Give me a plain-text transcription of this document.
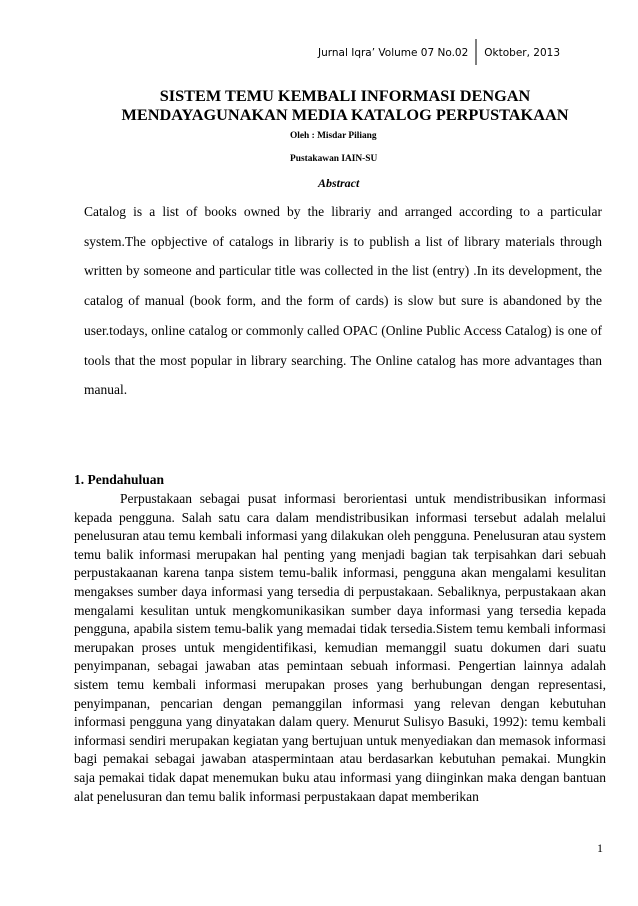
Jurnal Iqra’ Volume 07 No.02	Oktober, 2013
SISTEM TEMU KEMBALI INFORMASI DENGAN
MENDAYAGUNAKAN MEDIA KATALOG PERPUSTAKAAN
Oleh : Misdar Piliang
Pustakawan IAIN-SU
Abstract
Catalog is a list of books owned by the librariy and arranged according to a particular system.The opbjective of catalogs in librariy is to publish a list of library materials through written by someone and particular title was collected in the list (entry) .In its development, the catalog of manual (book form, and the form of cards) is slow but sure is abandoned by the user.todays, online catalog or commonly called OPAC (Online Public Access Catalog) is one of tools that the most popular in library searching. The Online catalog has more advantages than manual.
1. Pendahuluan
Perpustakaan sebagai pusat informasi berorientasi untuk mendistribusikan informasi kepada pengguna. Salah satu cara dalam mendistribusikan informasi tersebut adalah melalui penelusuran atau temu kembali informasi yang dilakukan oleh pengguna. Penelusuran atau system temu balik informasi merupakan hal penting yang menjadi bagian tak terpisahkan dari sebuah perpustakaanan karena tanpa sistem temu-balik informasi, pengguna akan mengalami kesulitan mengakses sumber daya informasi yang tersedia di perpustakaan. Sebaliknya, perpustakaan akan mengalami kesulitan untuk mengkomunikasikan sumber daya informasi yang tersedia kepada pengguna, apabila sistem temu-balik yang memadai tidak tersedia.Sistem temu kembali informasi merupakan proses untuk mengidentifikasi, kemudian memanggil suatu dokumen dari suatu penyimpanan, sebagai jawaban atas pemintaan sebuah informasi. Pengertian lainnya adalah sistem temu kembali informasi merupakan proses yang berhubungan dengan representasi, penyimpanan, pencarian dengan pemanggilan informasi yang relevan dengan kebutuhan informasi pengguna yang dinyatakan dalam query. Menurut Sulisyo Basuki, 1992): temu kembali informasi sendiri merupakan kegiatan yang bertujuan untuk menyediakan dan memasok informasi bagi pemakai sebagai jawaban ataspermintaan atau berdasarkan kebutuhan pemakai. Mungkin saja pemakai tidak dapat menemukan buku atau informasi yang diinginkan maka dengan bantuan alat penelusuran dan temu balik informasi perpustakaan dapat memberikan
1
